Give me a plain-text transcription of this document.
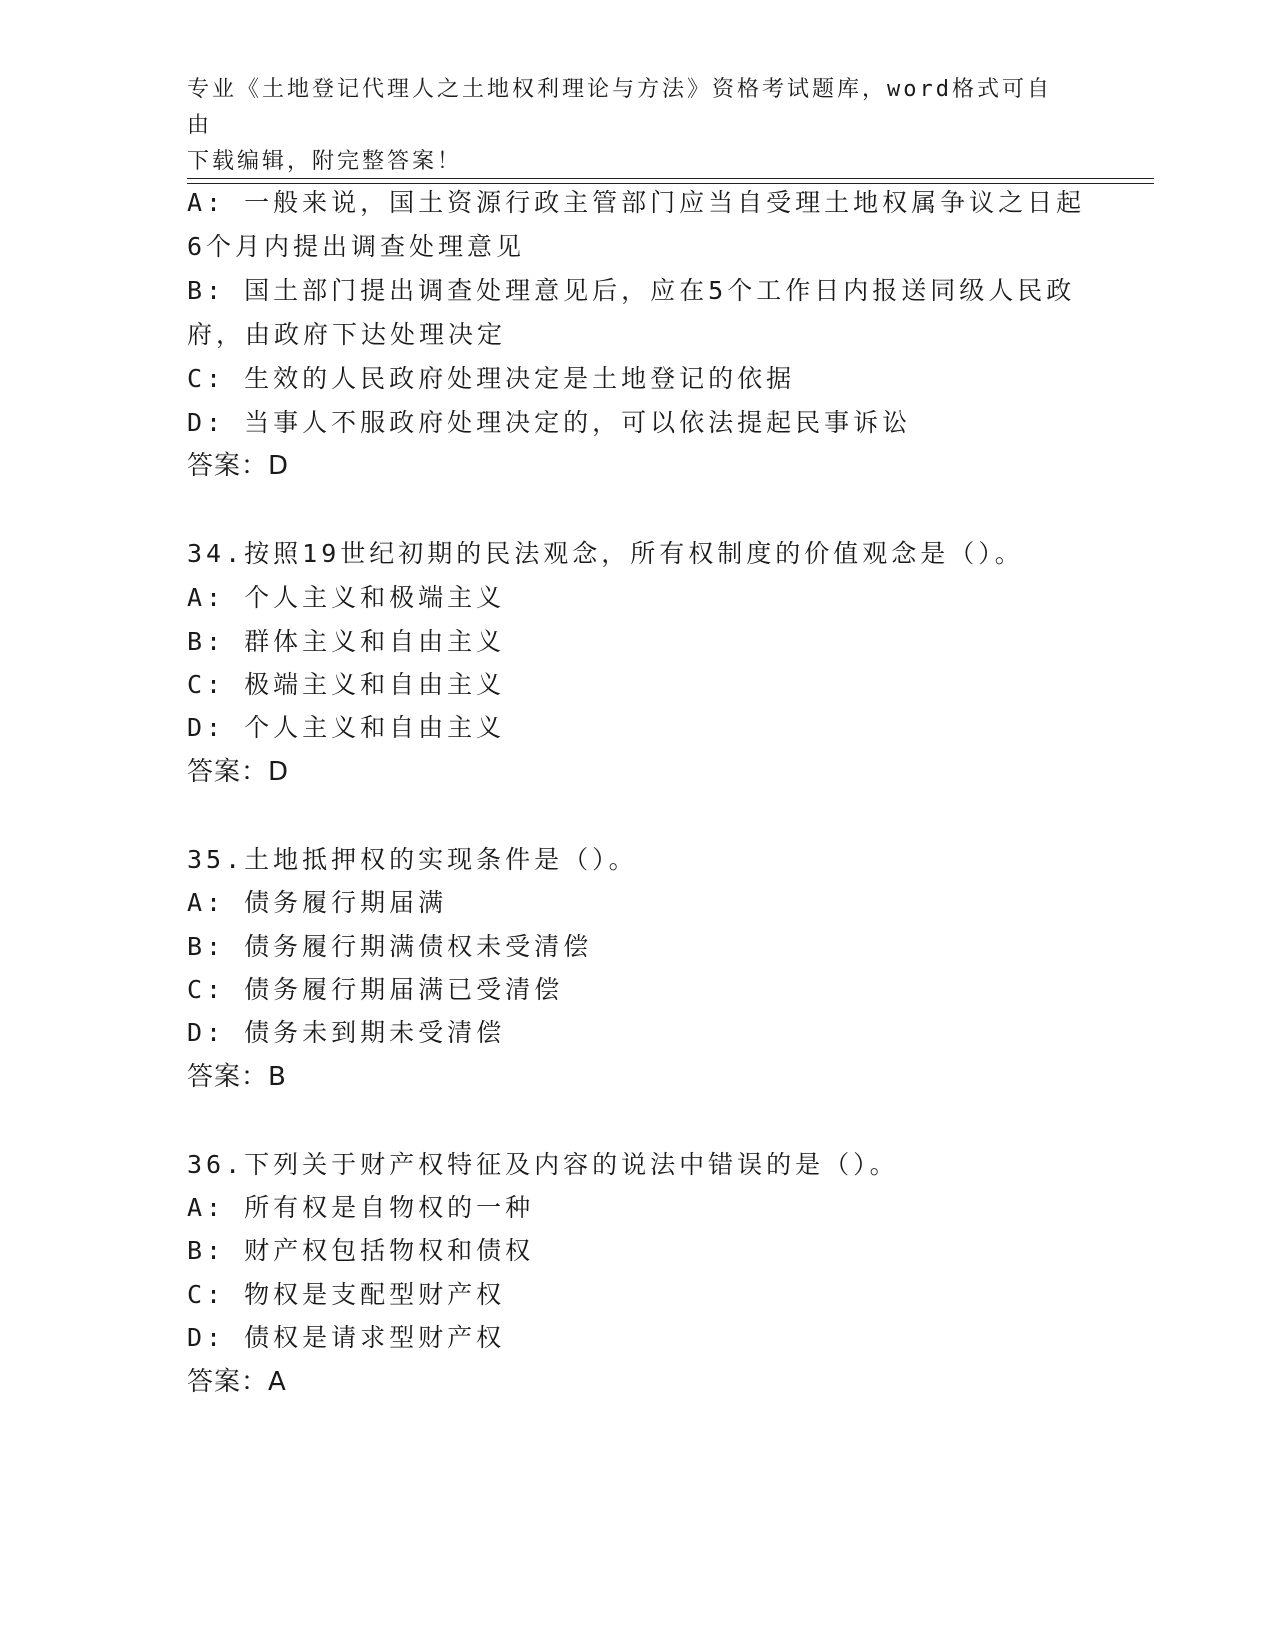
专业《土地登记代理人之土地权利理论与方法》资格考试题库，word格式可自由
下载编辑，附完整答案！
A: 一般来说，国土资源行政主管部门应当自受理土地权属争议之日起
6个月内提出调查处理意见
B: 国土部门提出调查处理意见后，应在5个工作日内报送同级人民政
府，由政府下达处理决定
C: 生效的人民政府处理决定是土地登记的依据
D: 当事人不服政府处理决定的，可以依法提起民事诉讼
答案：D
34.按照19世纪初期的民法观念，所有权制度的价值观念是（）。
A: 个人主义和极端主义
B: 群体主义和自由主义
C: 极端主义和自由主义
D: 个人主义和自由主义
答案：D
35.土地抵押权的实现条件是（）。
A: 债务履行期届满
B: 债务履行期满债权未受清偿
C: 债务履行期届满已受清偿
D: 债务未到期未受清偿
答案：B
36.下列关于财产权特征及内容的说法中错误的是（）。
A: 所有权是自物权的一种
B: 财产权包括物权和债权
C: 物权是支配型财产权
D: 债权是请求型财产权
答案：A
